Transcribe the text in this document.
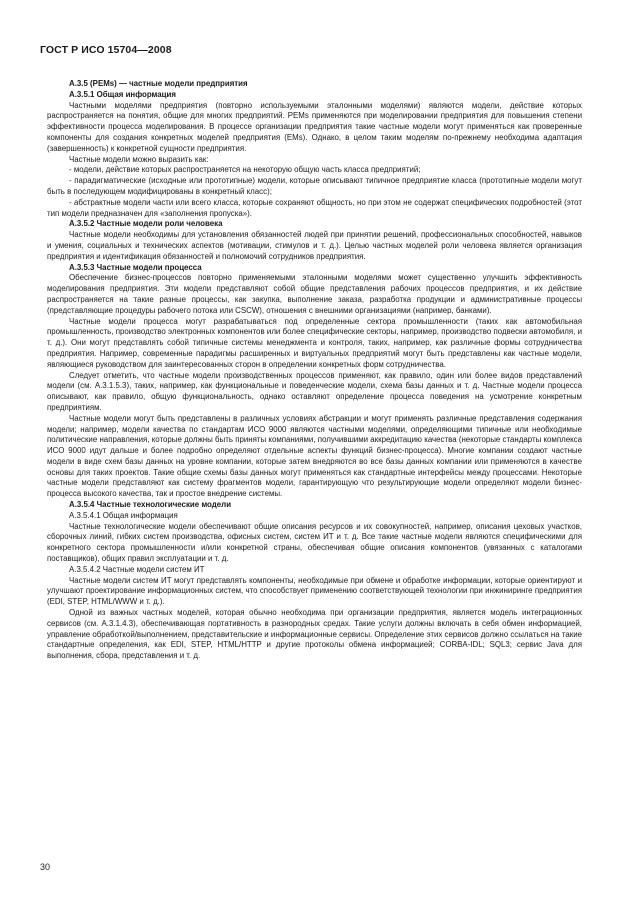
ГОСТ Р ИСО 15704—2008

А.3.5 (PEMs) — частные модели предприятия

А.3.5.1 Общая информация

Частными моделями предприятия (повторно используемыми эталонными моделями) являются модели, действие которых распространяется на понятия, общие для многих предприятий. PEMs применяются при моделировании предприятия для повышения степени эффективности процесса моделирования. В процессе организации предприятия такие частные модели могут применяться как проверенные компоненты для создания конкретных моделей предприятия (EMs). Однако, в целом таким моделям по-прежнему необходима адаптация (завершенность) к конкретной сущности предприятия.

Частные модели можно выразить как:

- модели, действие которых распространяется на некоторую общую часть класса предприятий;

- парадигматические (исходные или прототипные) модели, которые описывают типичное предприятие класса (прототипные модели могут быть в последующем модифицированы в конкретный класс);

- абстрактные модели части или всего класса, которые сохраняют общность, но при этом не содержат специфических подробностей (этот тип модели предназначен для «заполнения пропуска»).

А.3.5.2 Частные модели роли человека

Частные модели необходимы для установления обязанностей людей при принятии решений, профессиональных способностей, навыков и умения, социальных и технических аспектов (мотивации, стимулов и т. д.). Целью частных моделей роли человека является организация предприятия и идентификация обязанностей и полномочий сотрудников предприятия.

А.3.5.3 Частные модели процесса

Обеспечение бизнес-процессов повторно применяемыми эталонными моделями может существенно улучшить эффективность моделирования предприятия. Эти модели представляют собой общие представления рабочих процессов предприятия, и их действие распространяется на такие разные процессы, как закупка, выполнение заказа, разработка продукции и административные процессы (представляющие процедуры рабочего потока или CSCW), отношения с внешними организациями (например, банками).

Частные модели процесса могут разрабатываться под определенные сектора промышленности (таких как автомобильная промышленность, производство электронных компонентов или более специфические секторы, например, производство подвески автомобиля, и т. д.). Они могут представлять собой типичные системы менеджмента и контроля, таких, например, как различные формы сотрудничества предприятия. Например, современные парадигмы расширенных и виртуальных предприятий могут быть представлены как частные модели, являющиеся руководством для заинтересованных сторон в определении конкретных форм сотрудничества.

Следует отметить, что частные модели производственных процессов применяют, как правило, один или более видов представлений модели (см. А.3.1.5.3), таких, например, как функциональные и поведенческие модели, схема базы данных и т. д. Частные модели процесса описывают, как правило, общую функциональность, однако оставляют определение процесса поведения на усмотрение конкретным предприятиям.

Частные модели могут быть представлены в различных условиях абстракции и могут применять различные представления содержания модели; например, модели качества по стандартам ИСО 9000 являются частными моделями, определяющими типичные или необходимые политические направления, которые должны быть приняты компаниями, получившими аккредитацию качества (некоторые стандарты комплекса ИСО 9000 идут дальше и более подробно определяют отдельные аспекты функций бизнес-процесса). Многие компании создают частные модели в виде схем базы данных на уровне компании, которые затем внедряются во все базы данных компании или применяются в качестве основы для таких проектов. Такие общие схемы базы данных могут применяться как стандартные интерфейсы между процессами. Некоторые частные модели представляют как систему фрагментов модели, гарантирующую что результирующие модели определяют модели бизнес-процесса высокого качества, так и простое внедрение системы.

А.3.5.4 Частные технологические модели

А.3.5.4.1 Общая информация

Частные технологические модели обеспечивают общие описания ресурсов и их совокупностей, например, описания цеховых участков, сборочных линий, гибких систем производства, офисных систем, систем ИТ и т. д. Все такие частные модели являются специфическими для конкретного сектора промышленности и/или конкретной страны, обеспечивая общие описания компонентов (увязанных с каталогами поставщиков), общих правил эксплуатации и т. д.

А.3.5.4.2 Частные модели систем ИТ

Частные модели систем ИТ могут представлять компоненты, необходимые при обмене и обработке информации, которые ориентируют и улучшают проектирование информационных систем, что способствует применению соответствующей технологии при инжиниринге предприятия (EDI, STEP, HTML/WWW и т. д.).

Одной из важных частных моделей, которая обычно необходима при организации предприятия, является модель интеграционных сервисов (см. А.3.1.4.3), обеспечивающая портативность в разнородных средах. Такие услуги должны включать в себя обмен информацией, управление обработкой/выполнением, представительские и информационные сервисы. Определение этих сервисов должно ссылаться на такие стандартные определения, как EDI, STEP, HTML/HTTP и другие протоколы обмена информацией; CORBA-IDL; SQL3; сервис Java для выполнения, сбора, представления и т. д.

30
